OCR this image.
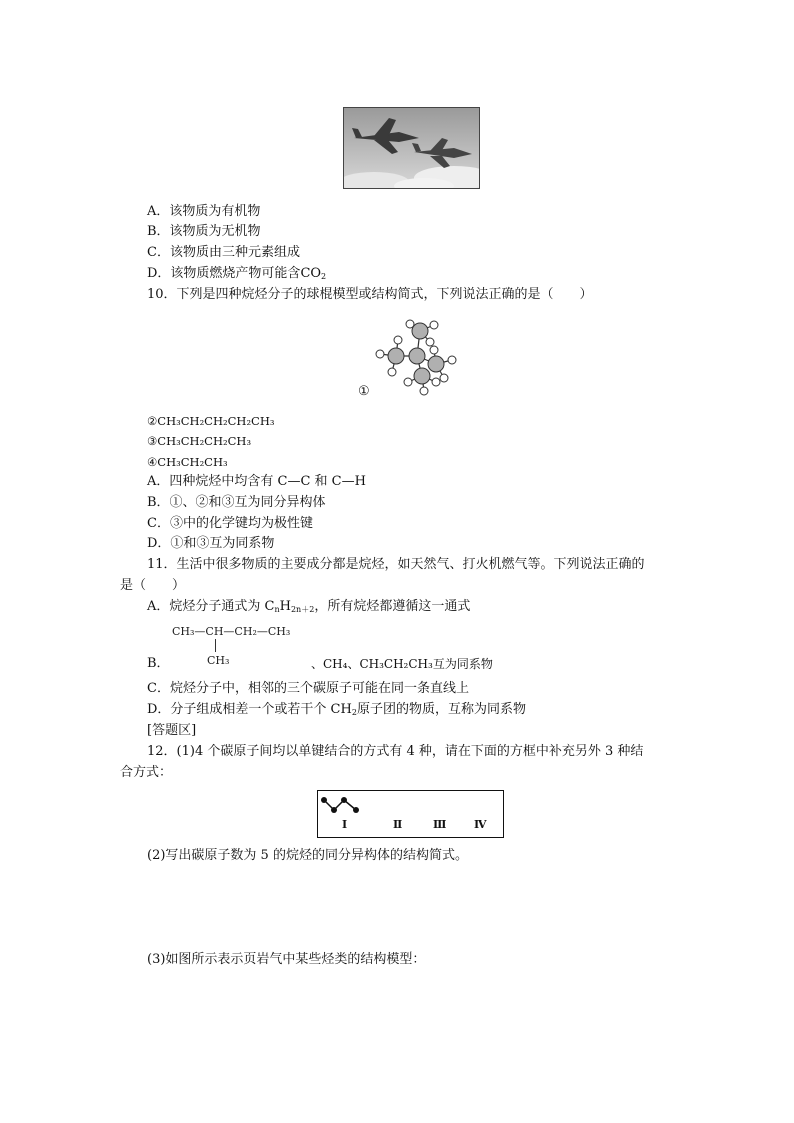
A．该物质为有机物
B．该物质为无机物
C．该物质由三种元素组成
D．该物质燃烧产物可能含$CO_2$
10．下列是四种烷烃分子的球棍模型或结构简式，下列说法正确的是（　　）
①
②CH₃CH₂CH₂CH₂CH₃
③CH₃CH₂CH₂CH₃
④CH₃CH₂CH₃
A．四种烷烃中均含有 C—C 和 C—H
B．①、②和③互为同分异构体
C．③中的化学键均为极性键
D．①和③互为同系物
11．生活中很多物质的主要成分都是烷烃，如天然气、打火机燃气等。下列说法正确的
是（　　）
A．烷烃分子通式为 $C_nH_{2n+2}$，所有烷烃都遵循这一通式
CH₃—CH—CH₂—CH₃
CH₃
B．	、CH₄、CH₃CH₂CH₃互为同系物
C．烷烃分子中，相邻的三个碳原子可能在同一条直线上
D．分子组成相差一个或若干个 $CH_2$原子团的物质，互称为同系物
[答题区]
12．(1)4 个碳原子间均以单键结合的方式有 4 种，请在下面的方框中补充另外 3 种结
合方式：
Ⅰ	Ⅱ	Ⅲ	Ⅳ
(2)写出碳原子数为 5 的烷烃的同分异构体的结构简式。
(3)如图所示表示页岩气中某些烃类的结构模型：
